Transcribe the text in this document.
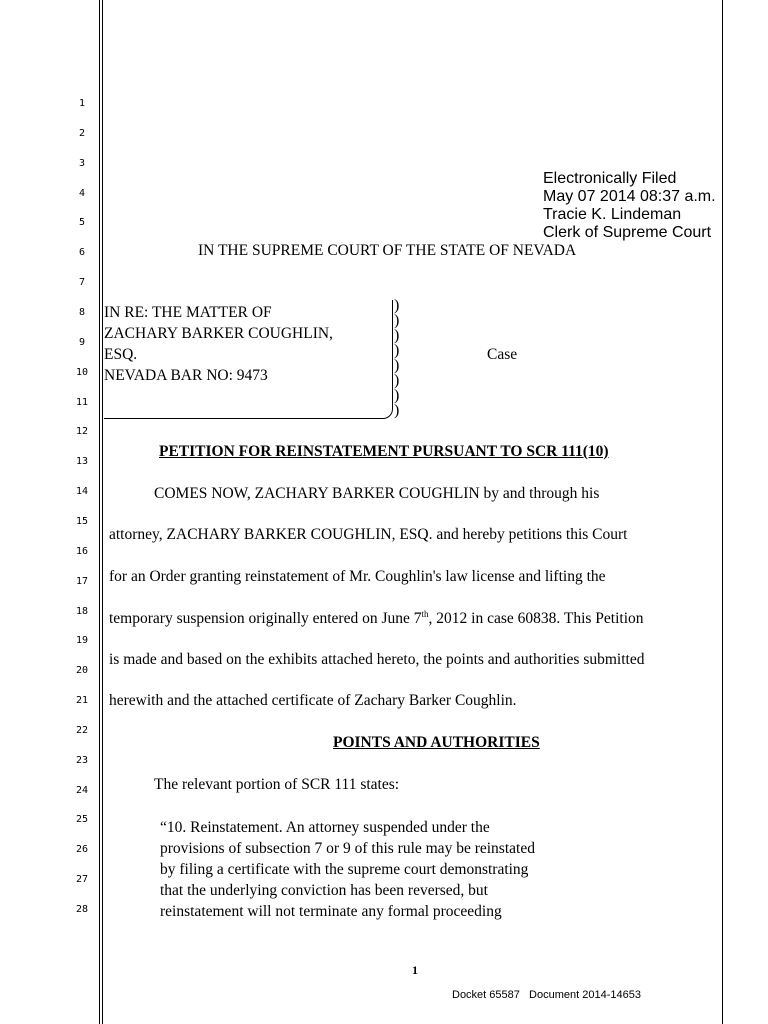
1
2
3
4
5
6
7
8
9
10
11
12
13
14
15
16
17
18
19
20
21
22
23
24
25
26
27
28
Electronically Filed
May 07 2014 08:37 a.m.
Tracie K. Lindeman
Clerk of Supreme Court
IN THE SUPREME COURT OF THE STATE OF NEVADA
IN RE: THE MATTER OF
ZACHARY BARKER COUGHLIN,
ESQ.
NEVADA BAR NO: 9473
)
)
)
)
)
)
)
)
Case
PETITION FOR REINSTATEMENT PURSUANT TO SCR 111(10)
COMES NOW, ZACHARY BARKER COUGHLIN by and through his
attorney, ZACHARY BARKER COUGHLIN, ESQ. and hereby petitions this Court
for an Order granting reinstatement of Mr. Coughlin's law license and lifting the
temporary suspension originally entered on June 7th, 2012 in case 60838. This Petition
is made and based on the exhibits attached hereto, the points and authorities submitted
herewith and the attached certificate of Zachary Barker Coughlin.
POINTS AND AUTHORITIES
The relevant portion of SCR 111 states:
“10. Reinstatement. An attorney suspended under the
provisions of subsection 7 or 9 of this rule may be reinstated
by filing a certificate with the supreme court demonstrating
that the underlying conviction has been reversed, but
reinstatement will not terminate any formal proceeding
1
Docket 65587   Document 2014-14653
